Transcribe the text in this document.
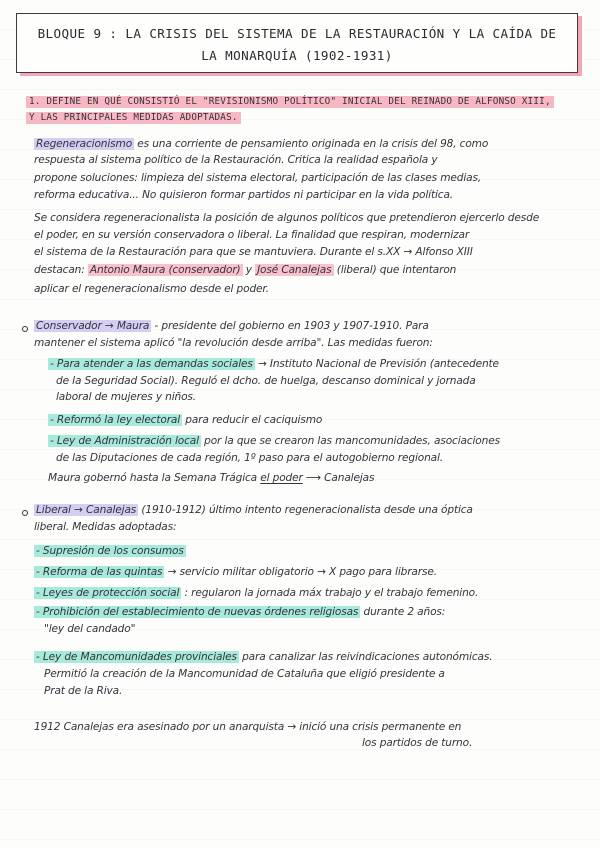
BLOQUE 9 : LA CRISIS DEL SISTEMA DE LA RESTAURACIÓN Y LA CAÍDA DE
LA MONARQUÍA (1902-1931)
1. DEFINE EN QUÉ CONSISTIÓ EL "REVISIONISMO POLÍTICO" INICIAL DEL REINADO DE ALFONSO XIII,
Y LAS PRINCIPALES MEDIDAS ADOPTADAS.
Regeneracionismo es una corriente de pensamiento originada en la crisis del 98, como
respuesta al sistema político de la Restauración. Critica la realidad española y
propone soluciones: limpieza del sistema electoral, participación de las clases medias,
reforma educativa... No quisieron formar partidos ni participar en la vida política.
Se considera regeneracionalista la posición de algunos políticos que pretendieron ejercerlo desde
el poder, en su versión conservadora o liberal. La finalidad que respiran, modernizar
el sistema de la Restauración para que se mantuviera. Durante el s.XX → Alfonso XIII
destacan: Antonio Maura (conservador) y José Canalejas (liberal) que intentaron
aplicar el regeneracionalismo desde el poder.
Conservador → Maura - presidente del gobierno en 1903 y 1907-1910. Para
mantener el sistema aplicó "la revolución desde arriba". Las medidas fueron:
- Para atender a las demandas sociales → Instituto Nacional de Previsión (antecedente
de la Seguridad Social). Reguló el dcho. de huelga, descanso dominical y jornada
laboral de mujeres y niños.
- Reformó la ley electoral para reducir el caciquismo
- Ley de Administración local por la que se crearon las mancomunidades, asociaciones
de las Diputaciones de cada región, 1º paso para el autogobierno regional.
Maura gobernó hasta la Semana Trágica el poder ⟶ Canalejas
Liberal → Canalejas (1910-1912) último intento regeneracionalista desde una óptica
liberal. Medidas adoptadas:
- Supresión de los consumos
- Reforma de las quintas → servicio militar obligatorio → X pago para librarse.
- Leyes de protección social : regularon la jornada máx trabajo y el trabajo femenino.
- Prohibición del establecimiento de nuevas órdenes religiosas durante 2 años:
"ley del candado"
- Ley de Mancomunidades provinciales para canalizar las reivindicaciones autonómicas.
Permitió la creación de la Mancomunidad de Cataluña que eligió presidente a
Prat de la Riva.
1912 Canalejas era asesinado por un anarquista → inició una crisis permanente en
los partidos de turno.
